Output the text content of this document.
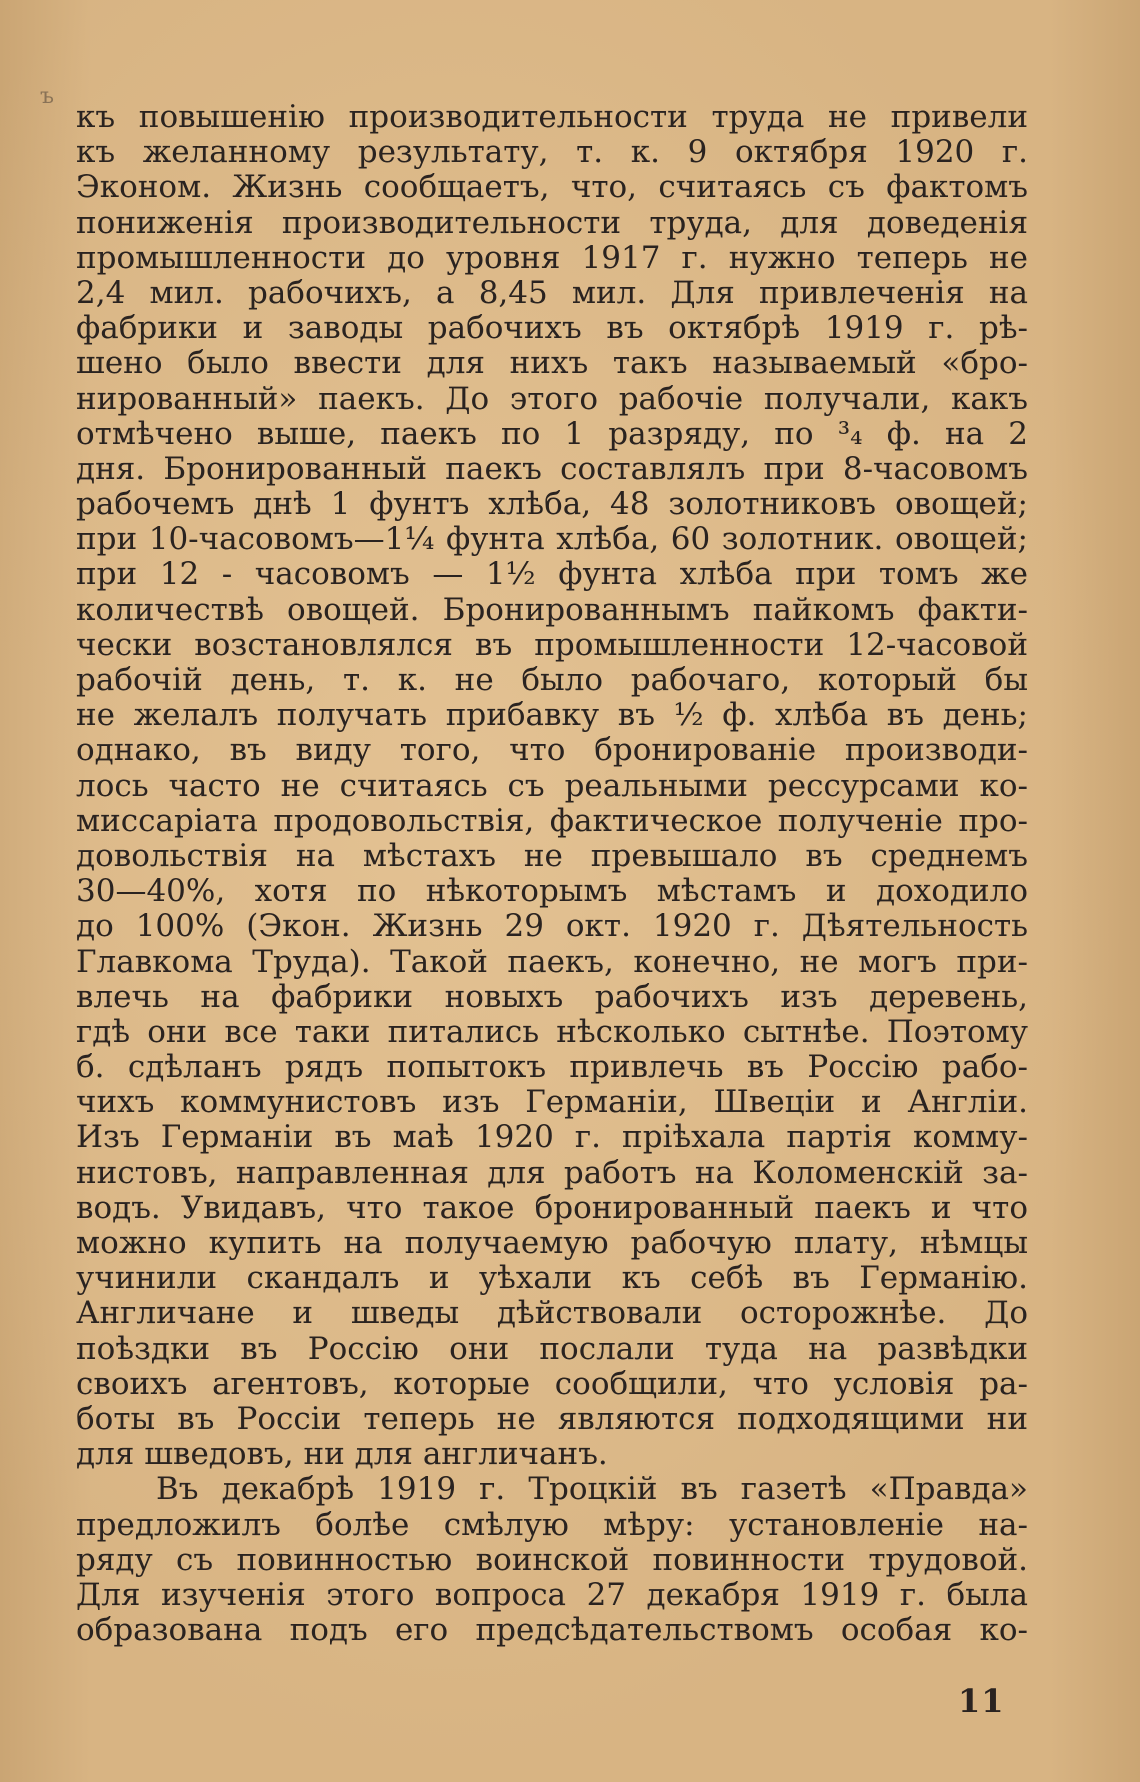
ъ
къ повышенію производительности труда не привели
къ желанному результату, т. к. 9 октября 1920 г.
Эконом. Жизнь сообщаетъ, что, считаясь съ фактомъ
пониженія производительности труда, для доведенія
промышленности до уровня 1917 г. нужно теперь не
2,4 мил. рабочихъ, а 8,45 мил. Для привлеченія на
фабрики и заводы рабочихъ въ октябрѣ 1919 г. рѣ-
шено было ввести для нихъ такъ называемый «бро-
нированный» паекъ. До этого рабочіе получали, какъ
отмѣчено выше, паекъ по 1 разряду, по ³₄ ф. на 2
дня. Бронированный паекъ составлялъ при 8-часовомъ
рабочемъ днѣ 1 фунтъ хлѣба, 48 золотниковъ овощей;
при 10-часовомъ—1¼ фунта хлѣба, 60 золотник. овощей;
при 12 - часовомъ — 1½ фунта хлѣба при томъ же
количествѣ овощей. Бронированнымъ пайкомъ факти-
чески возстановлялся въ промышленности 12-часовой
рабочій день, т. к. не было рабочаго, который бы
не желалъ получать прибавку въ ½ ф. хлѣба въ день;
однако, въ виду того, что бронированіе производи-
лось часто не считаясь съ реальными рессурсами ко-
миссаріата продовольствія, фактическое полученіе про-
довольствія на мѣстахъ не превышало въ среднемъ
30—40%, хотя по нѣкоторымъ мѣстамъ и доходило
до 100% (Экон. Жизнь 29 окт. 1920 г. Дѣятельность
Главкома Труда). Такой паекъ, конечно, не могъ при-
влечь на фабрики новыхъ рабочихъ изъ деревень,
гдѣ они все таки питались нѣсколько сытнѣе. Поэтому
б. сдѣланъ рядъ попытокъ привлечь въ Россію рабо-
чихъ коммунистовъ изъ Германіи, Швеціи и Англіи.
Изъ Германіи въ маѣ 1920 г. пріѣхала партія комму-
нистовъ, направленная для работъ на Коломенскій за-
водъ. Увидавъ, что такое бронированный паекъ и что
можно купить на получаемую рабочую плату, нѣмцы
учинили скандалъ и уѣхали къ себѣ въ Германію.
Англичане и шведы дѣйствовали осторожнѣе. До
поѣздки въ Россію они послали туда на развѣдки
своихъ агентовъ, которые сообщили, что условія ра-
боты въ Россіи теперь не являются подходящими ни
для шведовъ, ни для англичанъ.
Въ декабрѣ 1919 г. Троцкій въ газетѣ «Правда»
предложилъ болѣе смѣлую мѣру: установленіе на-
ряду съ повинностью воинской повинности трудовой.
Для изученія этого вопроса 27 декабря 1919 г. была
образована подъ его предсѣдательствомъ особая ко-
11
